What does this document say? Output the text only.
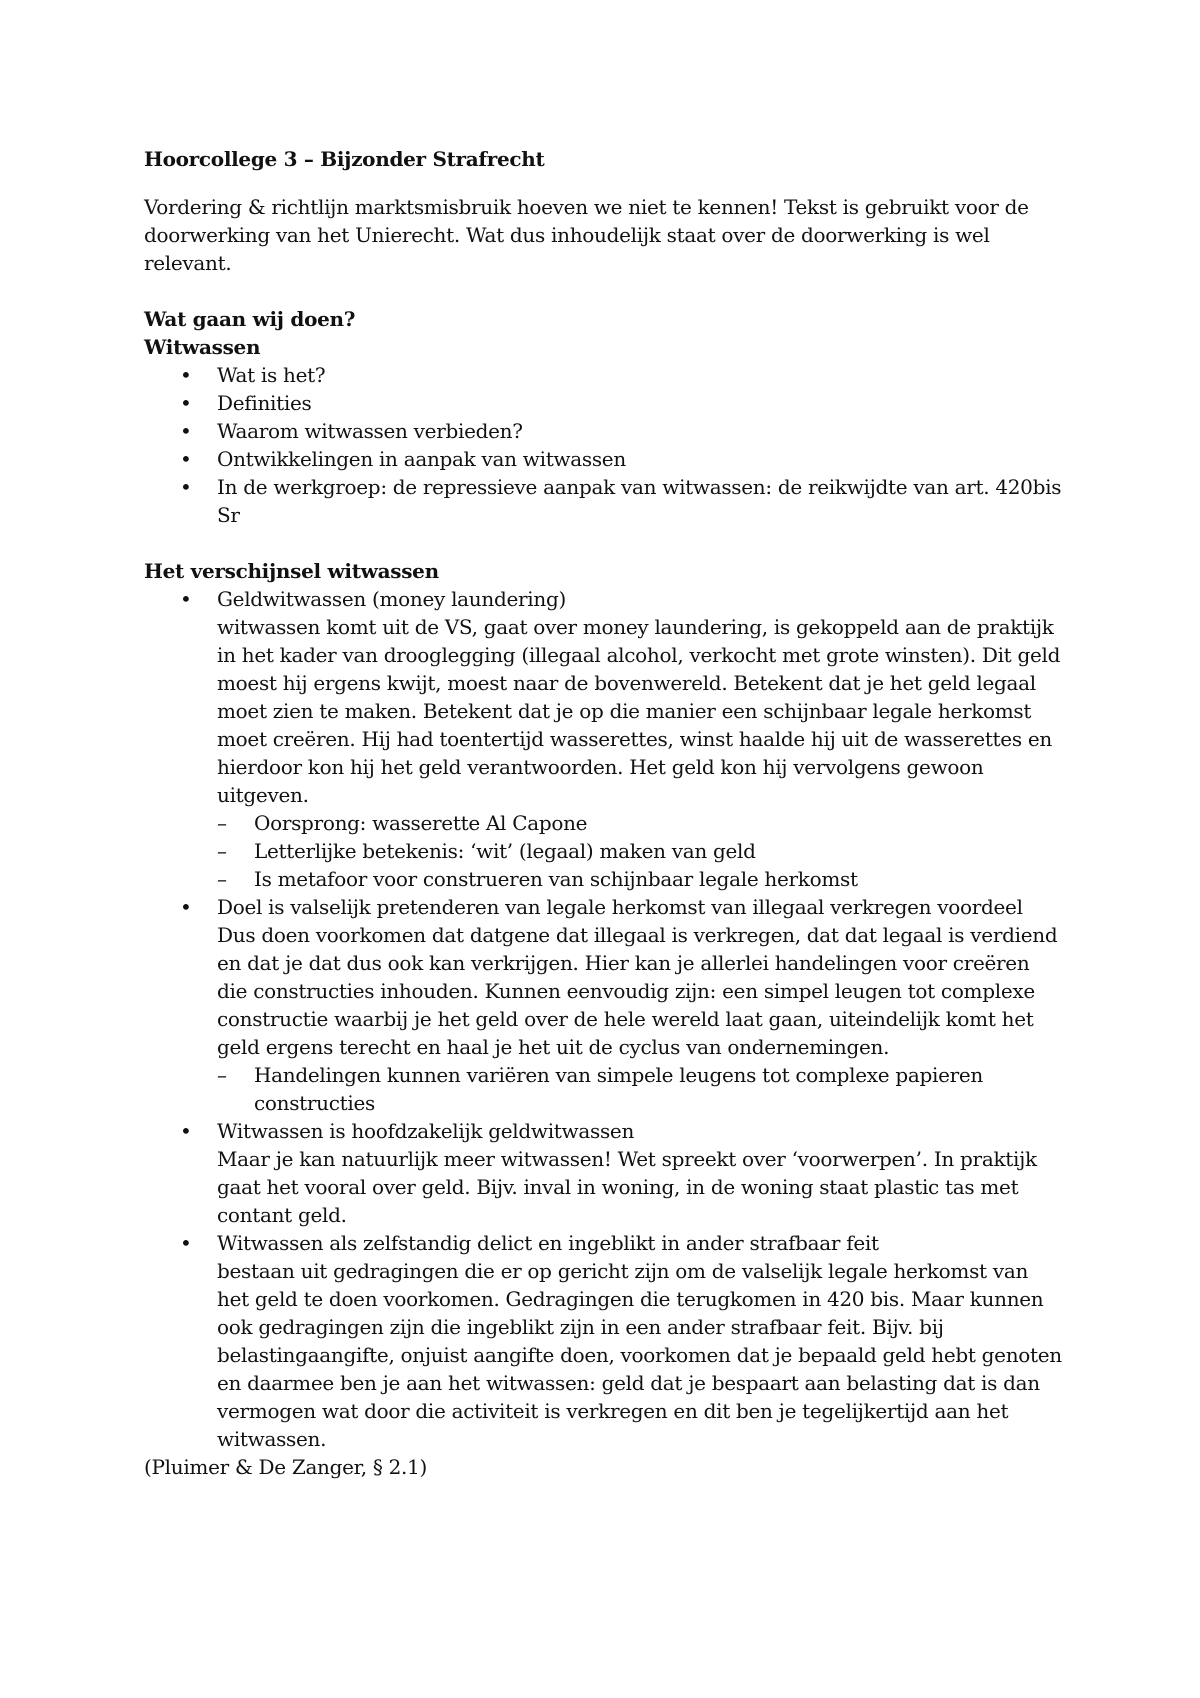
Hoorcollege 3 – Bijzonder Strafrecht

Vordering & richtlijn marktsmisbruik hoeven we niet te kennen! Tekst is gebruikt voor de doorwerking van het Unierecht. Wat dus inhoudelijk staat over de doorwerking is wel relevant.

Wat gaan wij doen?

Witwassen

• Wat is het?
• Definities
• Waarom witwassen verbieden?
• Ontwikkelingen in aanpak van witwassen
• In de werkgroep: de repressieve aanpak van witwassen: de reikwijdte van art. 420bis Sr

Het verschijnsel witwassen

• Geldwitwassen (money laundering)
witwassen komt uit de VS, gaat over money laundering, is gekoppeld aan de praktijk in het kader van drooglegging (illegaal alcohol, verkocht met grote winsten). Dit geld moest hij ergens kwijt, moest naar de bovenwereld. Betekent dat je het geld legaal moet zien te maken. Betekent dat je op die manier een schijnbaar legale herkomst moet creëren. Hij had toentertijd wasserettes, winst haalde hij uit de wasserettes en hierdoor kon hij het geld verantwoorden. Het geld kon hij vervolgens gewoon uitgeven.
– Oorsprong: wasserette Al Capone
– Letterlijke betekenis: ‘wit’ (legaal) maken van geld
– Is metafoor voor construeren van schijnbaar legale herkomst
• Doel is valselijk pretenderen van legale herkomst van illegaal verkregen voordeel
Dus doen voorkomen dat datgene dat illegaal is verkregen, dat dat legaal is verdiend en dat je dat dus ook kan verkrijgen. Hier kan je allerlei handelingen voor creëren die constructies inhouden. Kunnen eenvoudig zijn: een simpel leugen tot complexe constructie waarbij je het geld over de hele wereld laat gaan, uiteindelijk komt het geld ergens terecht en haal je het uit de cyclus van ondernemingen.
– Handelingen kunnen variëren van simpele leugens tot complexe papieren constructies
• Witwassen is hoofdzakelijk geldwitwassen
Maar je kan natuurlijk meer witwassen! Wet spreekt over ‘voorwerpen’. In praktijk gaat het vooral over geld. Bijv. inval in woning, in de woning staat plastic tas met contant geld.
• Witwassen als zelfstandig delict en ingeblikt in ander strafbaar feit
bestaan uit gedragingen die er op gericht zijn om de valselijk legale herkomst van het geld te doen voorkomen. Gedragingen die terugkomen in 420 bis. Maar kunnen ook gedragingen zijn die ingeblikt zijn in een ander strafbaar feit. Bijv. bij belastingaangifte, onjuist aangifte doen, voorkomen dat je bepaald geld hebt genoten en daarmee ben je aan het witwassen: geld dat je bespaart aan belasting dat is dan vermogen wat door die activiteit is verkregen en dit ben je tegelijkertijd aan het witwassen.

(Pluimer & De Zanger, § 2.1)
